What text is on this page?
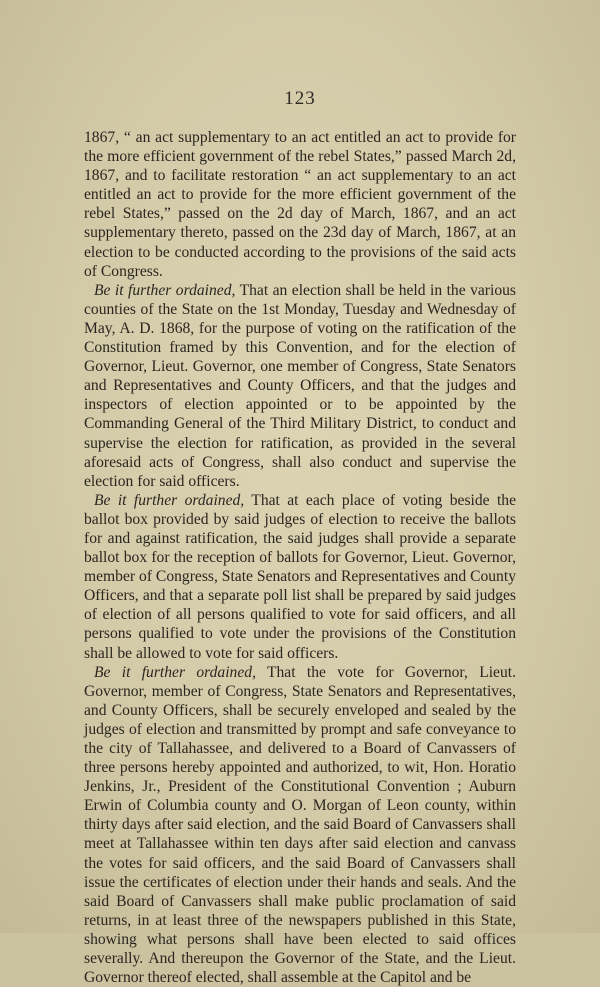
123

1867, “ an act supplementary to an act entitled an act to provide for the more efficient government of the rebel States,” passed March 2d, 1867, and to facilitate restoration “ an act supplementary to an act entitled an act to provide for the more efficient government of the rebel States,” passed on the 2d day of March, 1867, and an act supplementary thereto, passed on the 23d day of March, 1867, at an election to be conducted according to the provisions of the said acts of Congress.

Be it further ordained, That an election shall be held in the various counties of the State on the 1st Monday, Tuesday and Wednesday of May, A. D. 1868, for the purpose of voting on the ratification of the Constitution framed by this Convention, and for the election of Governor, Lieut. Governor, one member of Congress, State Senators and Representatives and County Officers, and that the judges and inspectors of election appointed or to be appointed by the Commanding General of the Third Military District, to conduct and supervise the election for ratification, as provided in the several aforesaid acts of Congress, shall also conduct and supervise the election for said officers.

Be it further ordained, That at each place of voting beside the ballot box provided by said judges of election to receive the ballots for and against ratification, the said judges shall provide a separate ballot box for the reception of ballots for Governor, Lieut. Governor, member of Congress, State Senators and Representatives and County Officers, and that a separate poll list shall be prepared by said judges of election of all persons qualified to vote for said officers, and all persons qualified to vote under the provisions of the Constitution shall be allowed to vote for said officers.

Be it further ordained, That the vote for Governor, Lieut. Governor, member of Congress, State Senators and Representatives, and County Officers, shall be securely enveloped and sealed by the judges of election and transmitted by prompt and safe conveyance to the city of Tallahassee, and delivered to a Board of Canvassers of three persons hereby appointed and authorized, to wit, Hon. Horatio Jenkins, Jr., President of the Constitutional Convention ; Auburn Erwin of Columbia county and O. Morgan of Leon county, within thirty days after said election, and the said Board of Canvassers shall meet at Tallahassee within ten days after said election and canvass the votes for said officers, and the said Board of Canvassers shall issue the certificates of election under their hands and seals. And the said Board of Canvassers shall make public proclamation of said returns, in at least three of the newspapers published in this State, showing what persons shall have been elected to said offices severally. And thereupon the Governor of the State, and the Lieut. Governor thereof elected, shall assemble at the Capitol and be
